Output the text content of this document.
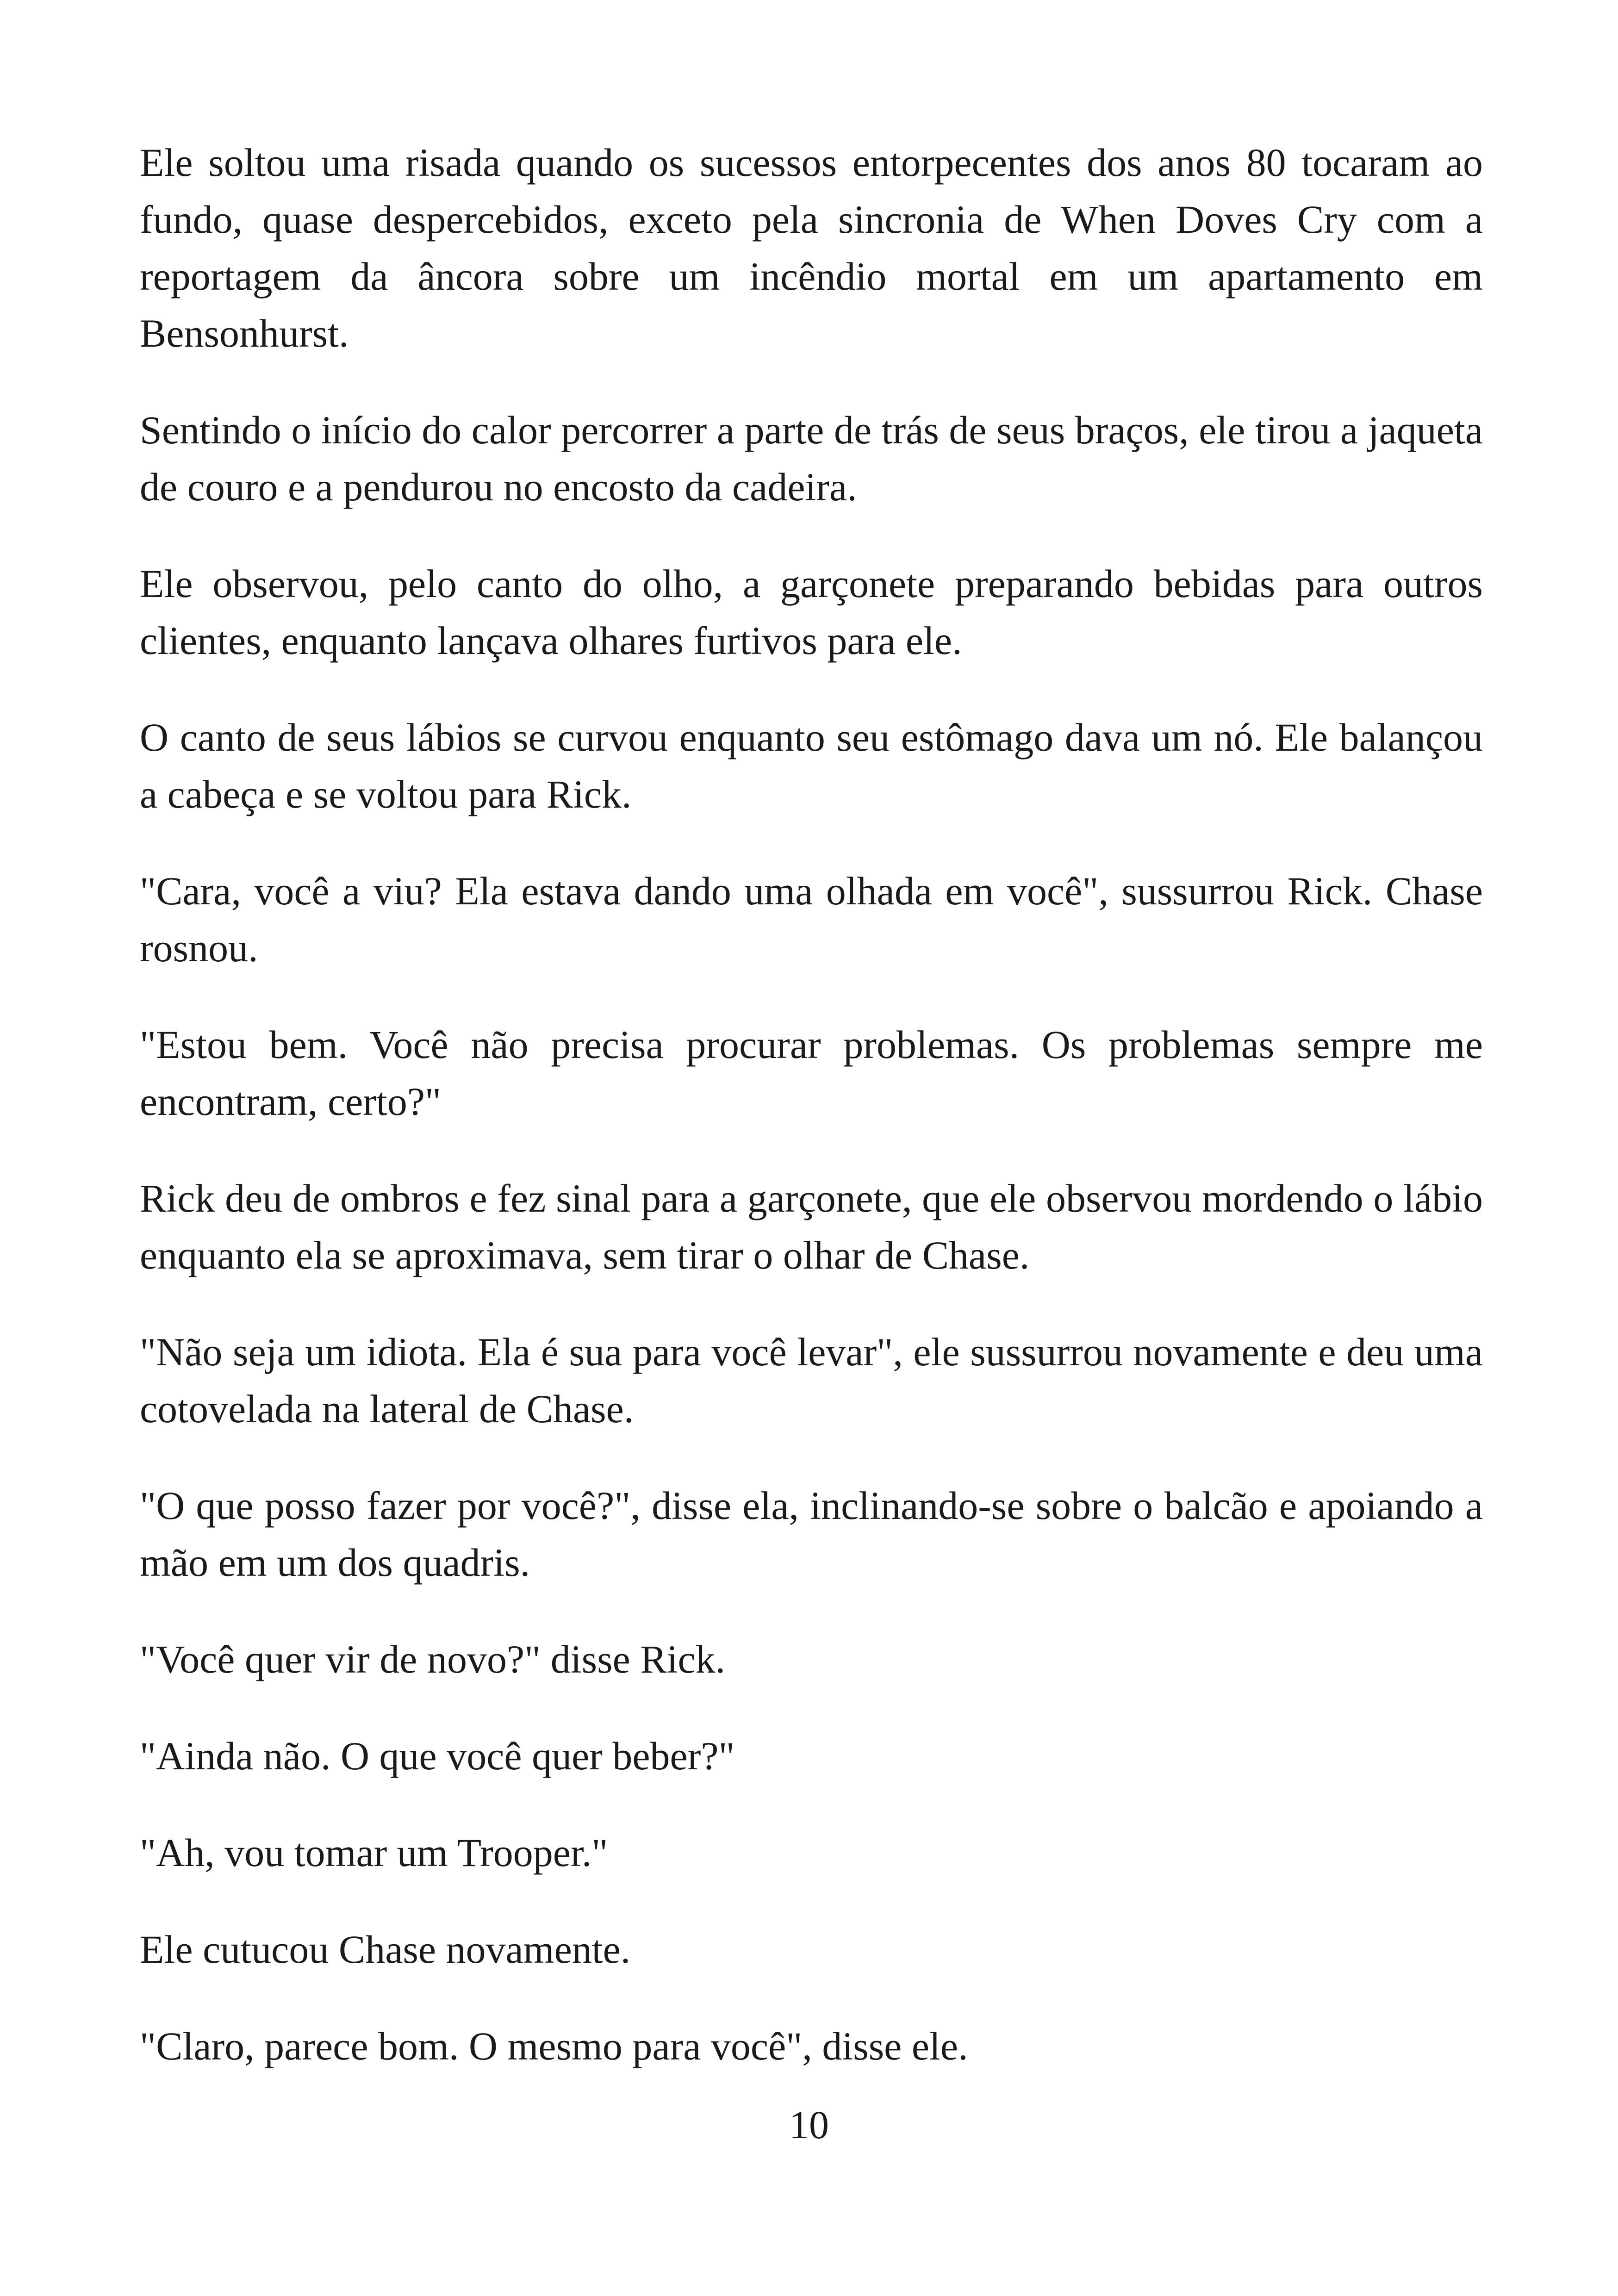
Ele soltou uma risada quando os sucessos entorpecentes dos anos 80 tocaram ao fundo, quase despercebidos, exceto pela sincronia de When Doves Cry com a reportagem da âncora sobre um incêndio mortal em um apartamento em Bensonhurst.

Sentindo o início do calor percorrer a parte de trás de seus braços, ele tirou a jaqueta de couro e a pendurou no encosto da cadeira.

Ele observou, pelo canto do olho, a garçonete preparando bebidas para outros clientes, enquanto lançava olhares furtivos para ele.

O canto de seus lábios se curvou enquanto seu estômago dava um nó. Ele balançou a cabeça e se voltou para Rick.

"Cara, você a viu? Ela estava dando uma olhada em você", sussurrou Rick. Chase rosnou.

"Estou bem. Você não precisa procurar problemas. Os problemas sempre me encontram, certo?"

Rick deu de ombros e fez sinal para a garçonete, que ele observou mordendo o lábio enquanto ela se aproximava, sem tirar o olhar de Chase.

"Não seja um idiota. Ela é sua para você levar", ele sussurrou novamente e deu uma cotovelada na lateral de Chase.

"O que posso fazer por você?", disse ela, inclinando-se sobre o balcão e apoiando a mão em um dos quadris.

"Você quer vir de novo?" disse Rick.

"Ainda não. O que você quer beber?"

"Ah, vou tomar um Trooper."

Ele cutucou Chase novamente.

"Claro, parece bom. O mesmo para você", disse ele.

10
